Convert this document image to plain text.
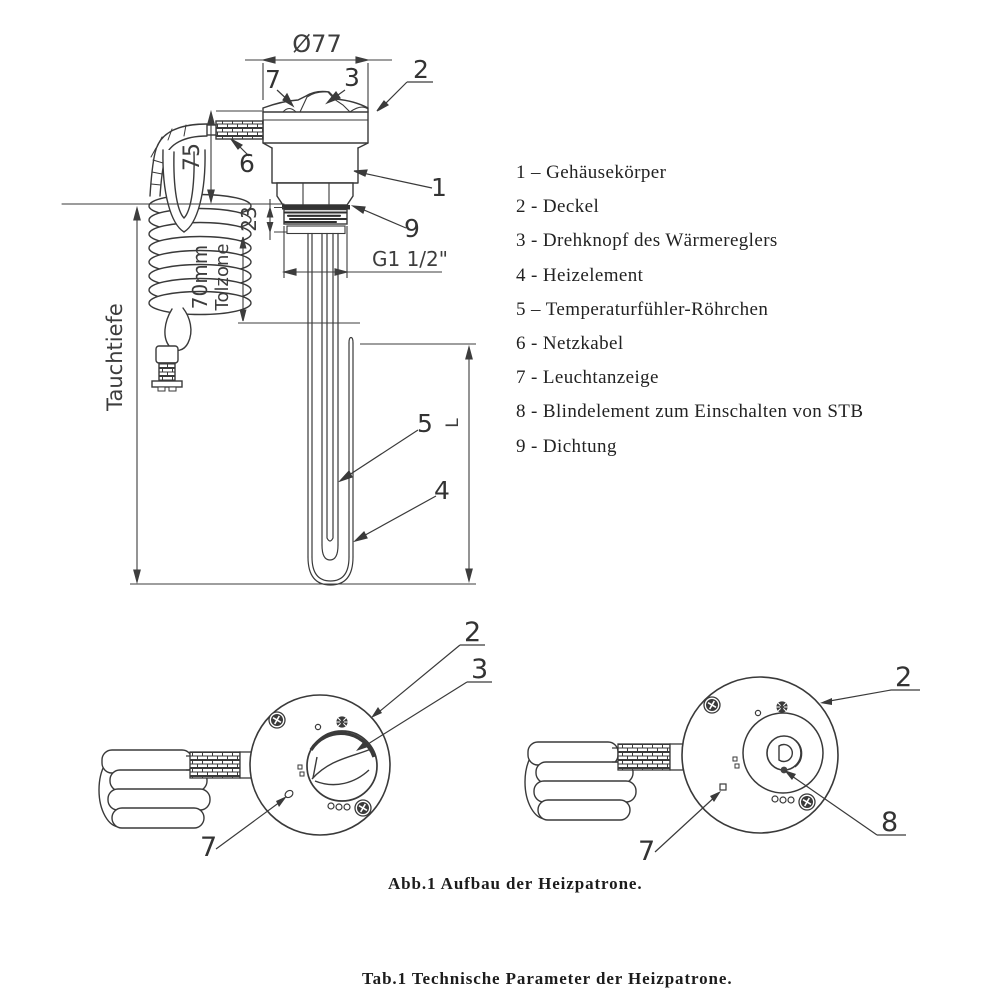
Ø77
75
23
70mm Tolzone
Tauchtiefe
G1 1/2"
L
7	3 2
6
1
9
5
4
2
3
7
2
8
7
1 – Gehäusekörper
2 - Deckel
3 - Drehknopf des Wärmereglers
4 - Heizelement
5 – Temperaturfühler-Röhrchen
6 - Netzkabel
7 - Leuchtanzeige
8 - Blindelement zum Einschalten von STB
9 - Dichtung
Abb.1 Aufbau der Heizpatrone.
Tab.1 Technische Parameter der Heizpatrone.
